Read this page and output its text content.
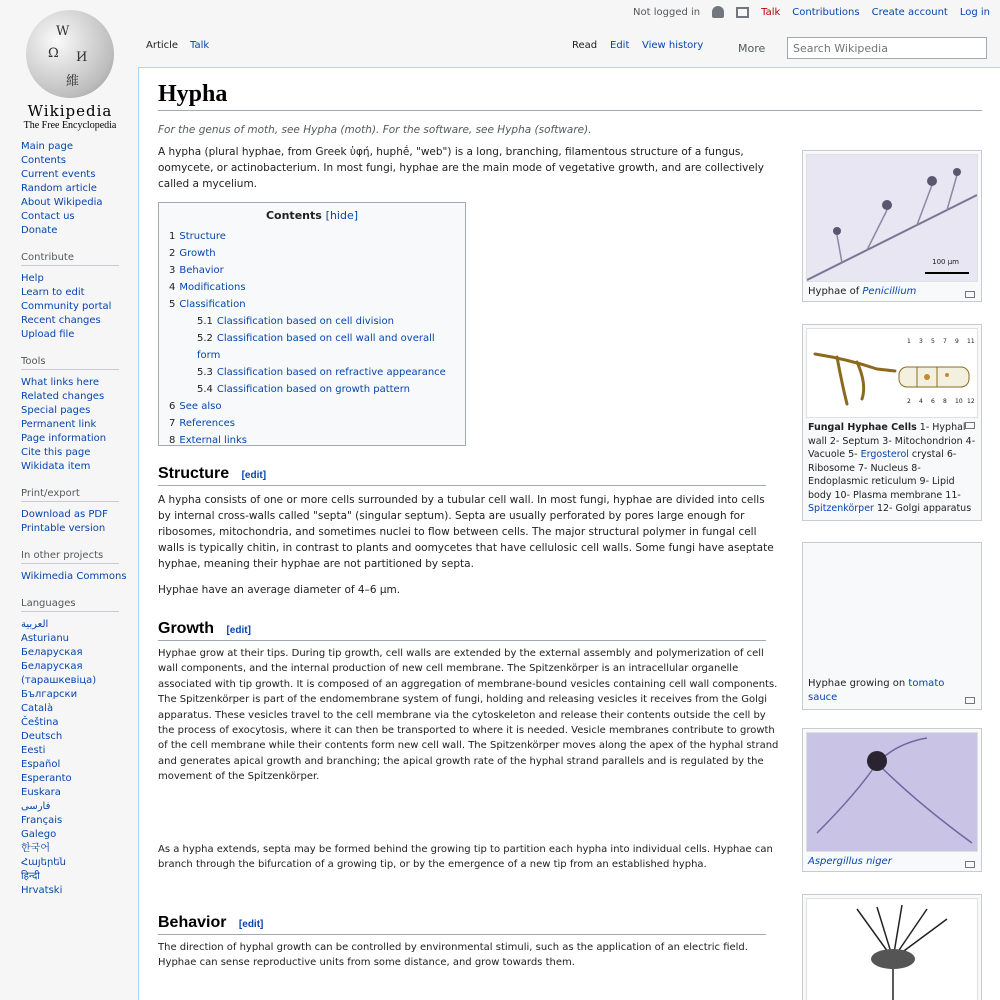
Not logged in	Talk Contributions Create account Log in
Ω И
維
W
Wikipedia
The Free Encyclopedia
Main page
Contents
Current events
Random article
About Wikipedia
Contact us
Donate
Contribute
Help
Learn to edit
Community portal
Recent changes
Upload file
Tools
What links here
Related changes
Special pages
Permanent link
Page information
Cite this page
Wikidata item
Print/export
Download as PDF
Printable version
In other projects
Wikimedia Commons
Languages
العربية
Asturianu
Беларуская
Беларуская (тарашкевіца)
Български
Català
Čeština
Deutsch
Eesti
Español
Esperanto
Euskara
فارسی
Français
Galego
한국어
Հայերեն
हिन्दी
Hrvatski
Article Talk	Read Edit View history	More
Search Wikipedia
Hypha
For the genus of moth, see Hypha (moth). For the software, see Hypha (software).
A hypha (plural hyphae, from Greek ὑφή, huphḗ, "web") is a long, branching, filamentous structure of a fungus, oomycete, or actinobacterium. In most fungi, hyphae are the main mode of vegetative growth, and are collectively called a mycelium.
Contents [hide]
1 Structure
2 Growth
3 Behavior
4 Modifications
5 Classification
5.1 Classification based on cell division
5.2 Classification based on cell wall and overall form
5.3 Classification based on refractive appearance
5.4 Classification based on growth pattern
6 See also
7 References
8 External links
Structure [edit]
A hypha consists of one or more cells surrounded by a tubular cell wall. In most fungi, hyphae are divided into cells by internal cross-walls called "septa" (singular septum). Septa are usually perforated by pores large enough for ribosomes, mitochondria, and sometimes nuclei to flow between cells. The major structural polymer in fungal cell walls is typically chitin, in contrast to plants and oomycetes that have cellulosic cell walls. Some fungi have aseptate hyphae, meaning their hyphae are not partitioned by septa.
Hyphae have an average diameter of 4–6 µm.
Growth [edit]
Hyphae grow at their tips. During tip growth, cell walls are extended by the external assembly and polymerization of cell wall components, and the internal production of new cell membrane. The Spitzenkörper is an intracellular organelle associated with tip growth. It is composed of an aggregation of membrane-bound vesicles containing cell wall components. The Spitzenkörper is part of the endomembrane system of fungi, holding and releasing vesicles it receives from the Golgi apparatus. These vesicles travel to the cell membrane via the cytoskeleton and release their contents outside the cell by the process of exocytosis, where it can then be transported to where it is needed. Vesicle membranes contribute to growth of the cell membrane while their contents form new cell wall. The Spitzenkörper moves along the apex of the hyphal strand and generates apical growth and branching; the apical growth rate of the hyphal strand parallels and is regulated by the movement of the Spitzenkörper.
As a hypha extends, septa may be formed behind the growing tip to partition each hypha into individual cells. Hyphae can branch through the bifurcation of a growing tip, or by the emergence of a new tip from an established hypha.
Behavior [edit]
The direction of hyphal growth can be controlled by environmental stimuli, such as the application of an electric field. Hyphae can sense reproductive units from some distance, and grow towards them.
100 µm
Hyphae of Penicillium
1 3 5 7 9 11
2 4 6 8 10 12
Fungal Hyphae Cells 1- Hyphal wall 2- Septum 3- Mitochondrion 4- Vacuole 5- Ergosterol crystal 6- Ribosome 7- Nucleus 8- Endoplasmic reticulum 9- Lipid body 10- Plasma membrane 11- Spitzenkörper 12- Golgi apparatus
Hyphae growing on tomato sauce
Aspergillus niger
